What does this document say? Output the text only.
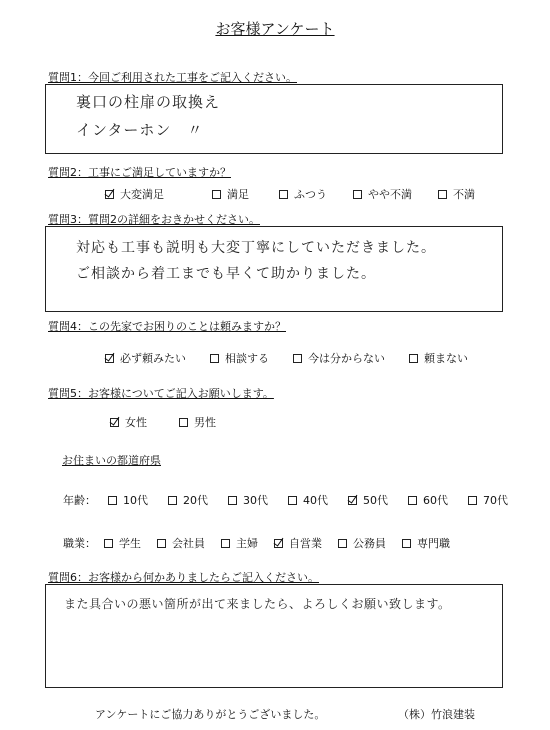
お客様アンケート
質問1：今回ご利用された工事をご記入ください。
裏口の柱扉の取換え
インターホン　〃
質問2：工事にご満足していますか？
大変満足	満足	ふつう	やや不満	不満
質問3：質問2の詳細をおきかせください。
対応も工事も説明も大変丁寧にしていただきました。
ご相談から着工までも早くて助かりました。
質問4：この先家でお困りのことは頼みますか？
必ず頼みたい	相談する	今は分からない	頼まない
質問5：お客様についてご記入お願いします。
女性	男性
お住まいの都道府県
年齢： 10代	20代	30代	40代	50代	60代	70代
職業： 学生	会社員	主婦	自営業	公務員	専門職
質問6：お客様から何かありましたらご記入ください。
また具合いの悪い箇所が出て来ましたら、よろしくお願い致します。
アンケートにご協力ありがとうございました。	（株）竹浪建装
